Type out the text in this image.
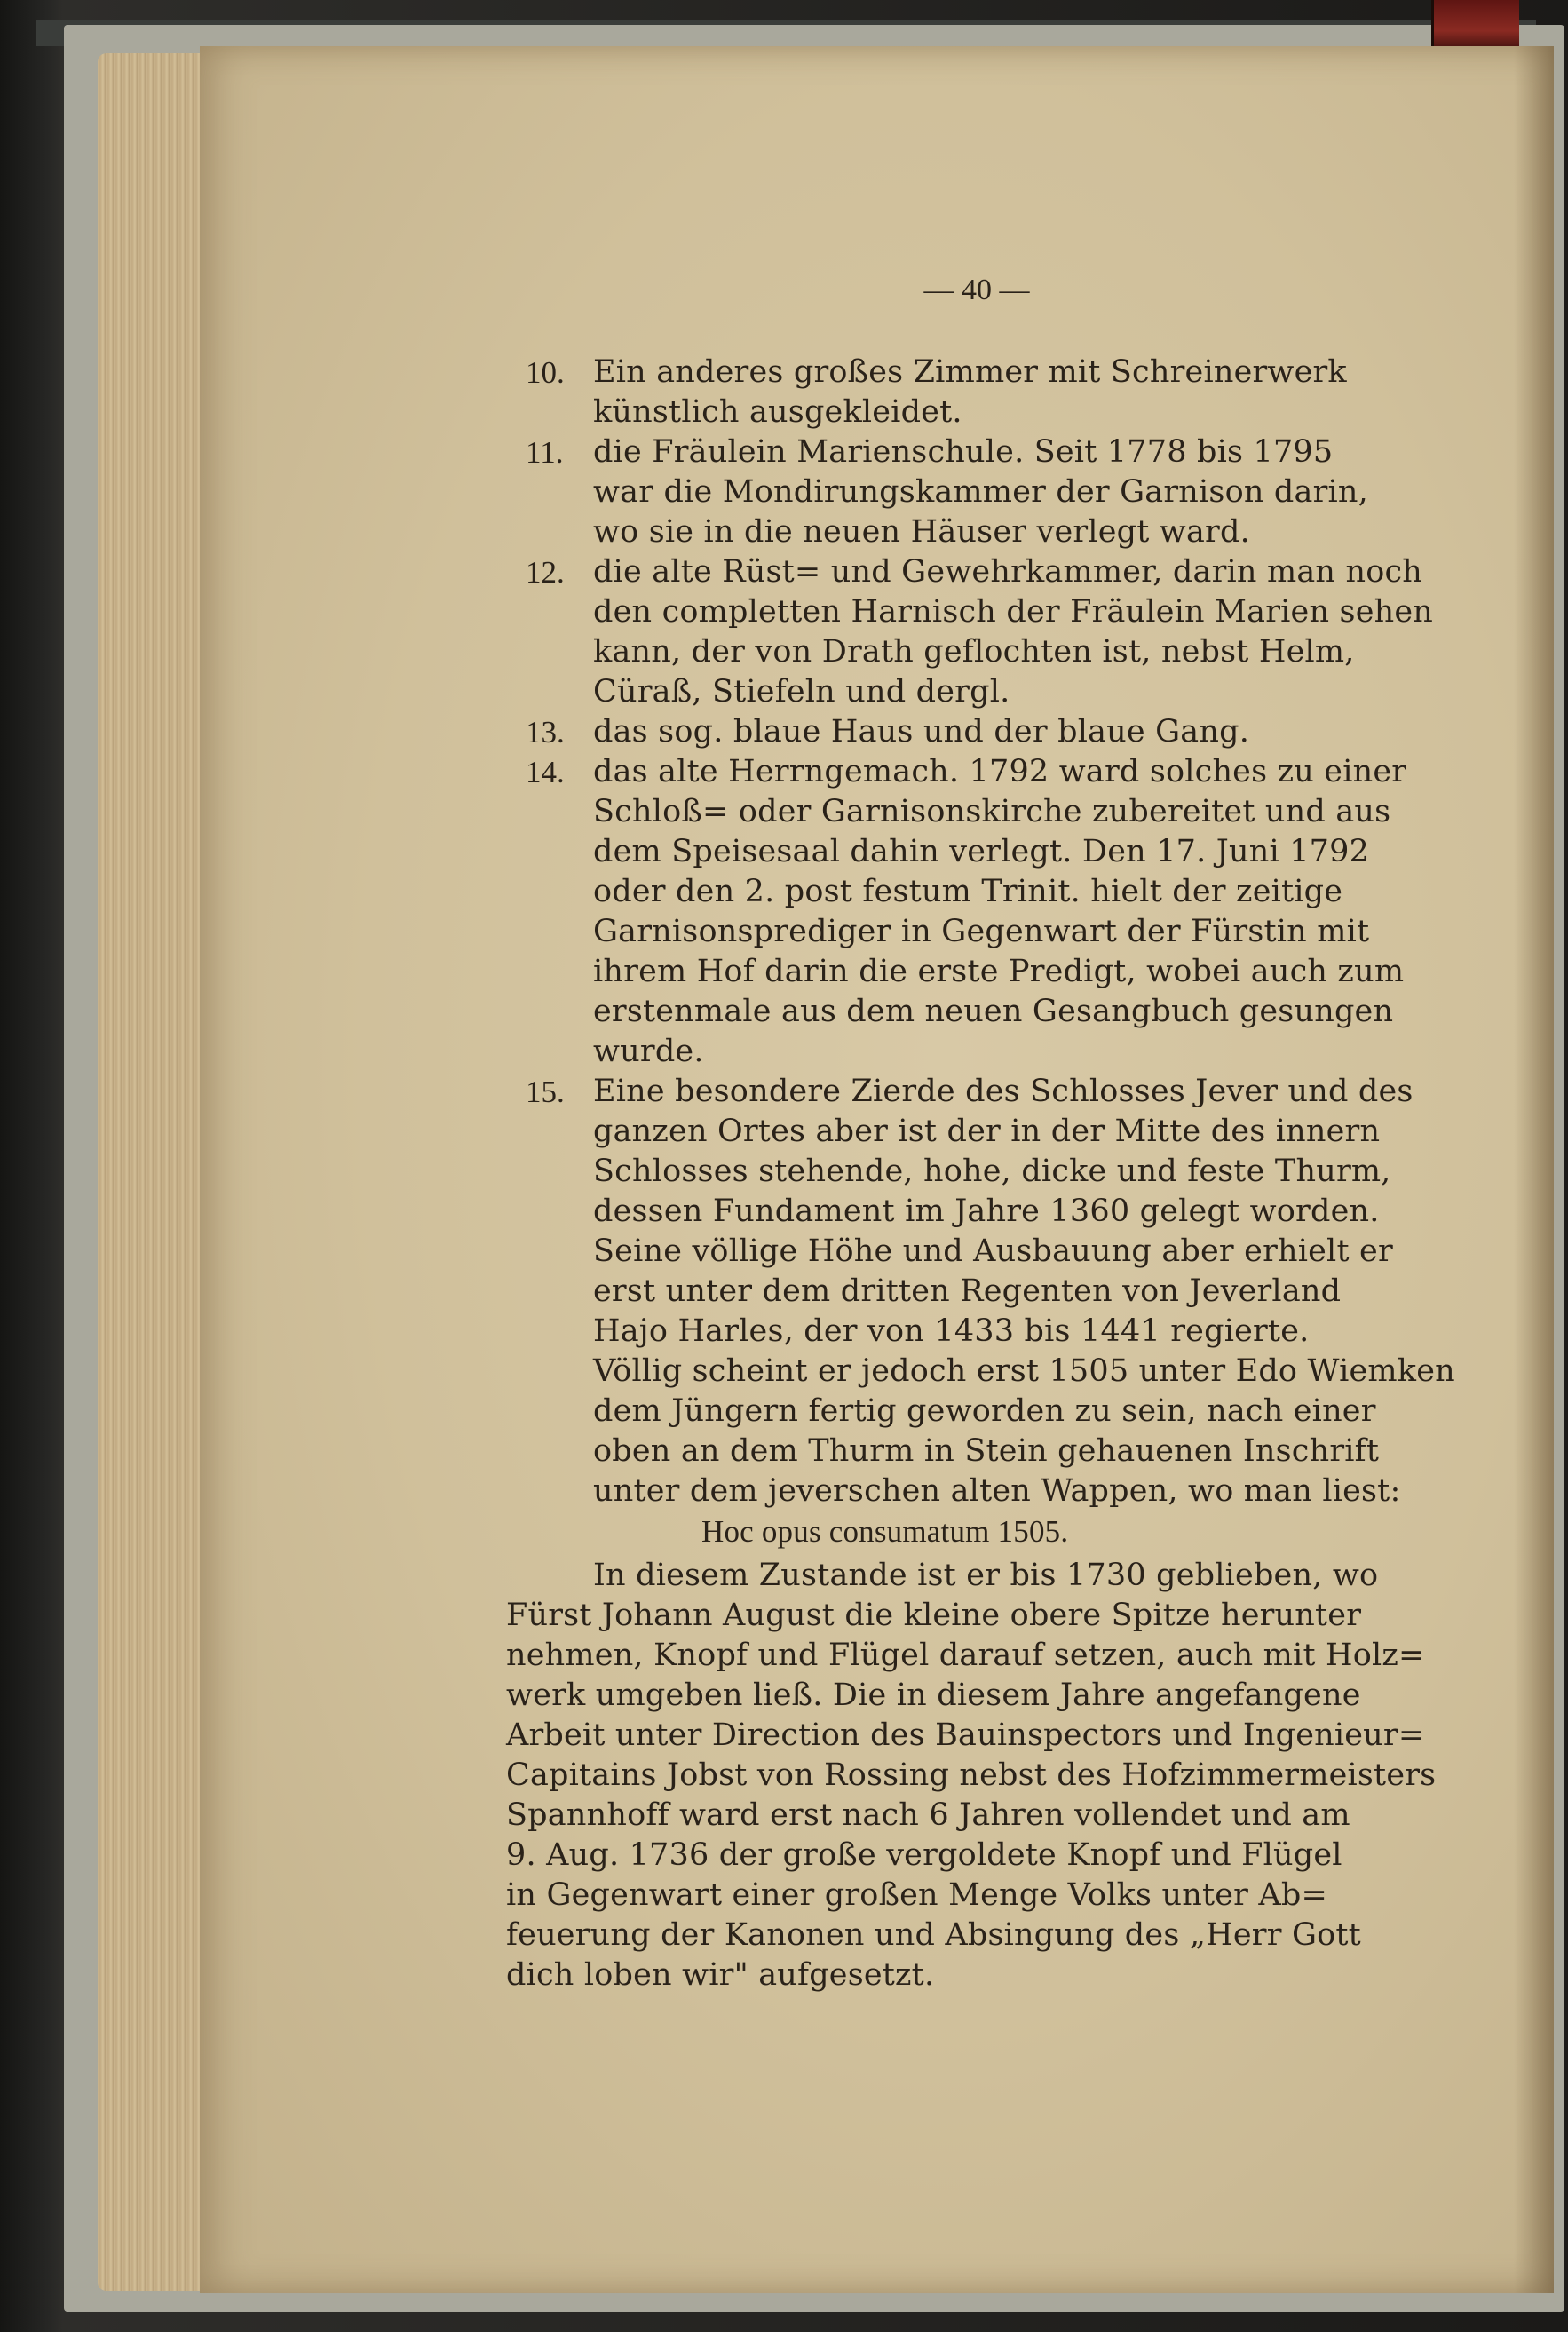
— 40 —
10. Ein anderes großes Zimmer mit Schreinerwerk
künstlich ausgekleidet.
11. die Fräulein Marienschule. Seit 1778 bis 1795
war die Mondirungskammer der Garnison darin,
wo sie in die neuen Häuser verlegt ward.
12. die alte Rüst= und Gewehrkammer, darin man noch
den completten Harnisch der Fräulein Marien sehen
kann, der von Drath geflochten ist, nebst Helm,
Cüraß, Stiefeln und dergl.
13. das sog. blaue Haus und der blaue Gang.
14. das alte Herrngemach. 1792 ward solches zu einer
Schloß= oder Garnisonskirche zubereitet und aus
dem Speisesaal dahin verlegt. Den 17. Juni 1792
oder den 2. post festum Trinit. hielt der zeitige
Garnisonsprediger in Gegenwart der Fürstin mit
ihrem Hof darin die erste Predigt, wobei auch zum
erstenmale aus dem neuen Gesangbuch gesungen
wurde.
15. Eine besondere Zierde des Schlosses Jever und des
ganzen Ortes aber ist der in der Mitte des innern
Schlosses stehende, hohe, dicke und feste Thurm,
dessen Fundament im Jahre 1360 gelegt worden.
Seine völlige Höhe und Ausbauung aber erhielt er
erst unter dem dritten Regenten von Jeverland
Hajo Harles, der von 1433 bis 1441 regierte.
Völlig scheint er jedoch erst 1505 unter Edo Wiemken
dem Jüngern fertig geworden zu sein, nach einer
oben an dem Thurm in Stein gehauenen Inschrift
unter dem jeverschen alten Wappen, wo man liest:
Hoc opus consumatum 1505.
In diesem Zustande ist er bis 1730 geblieben, wo
Fürst Johann August die kleine obere Spitze herunter
nehmen, Knopf und Flügel darauf setzen, auch mit Holz=
werk umgeben ließ. Die in diesem Jahre angefangene
Arbeit unter Direction des Bauinspectors und Ingenieur=
Capitains Jobst von Rossing nebst des Hofzimmermeisters
Spannhoff ward erst nach 6 Jahren vollendet und am
9. Aug. 1736 der große vergoldete Knopf und Flügel
in Gegenwart einer großen Menge Volks unter Ab=
feuerung der Kanonen und Absingung des „Herr Gott
dich loben wir" aufgesetzt.
